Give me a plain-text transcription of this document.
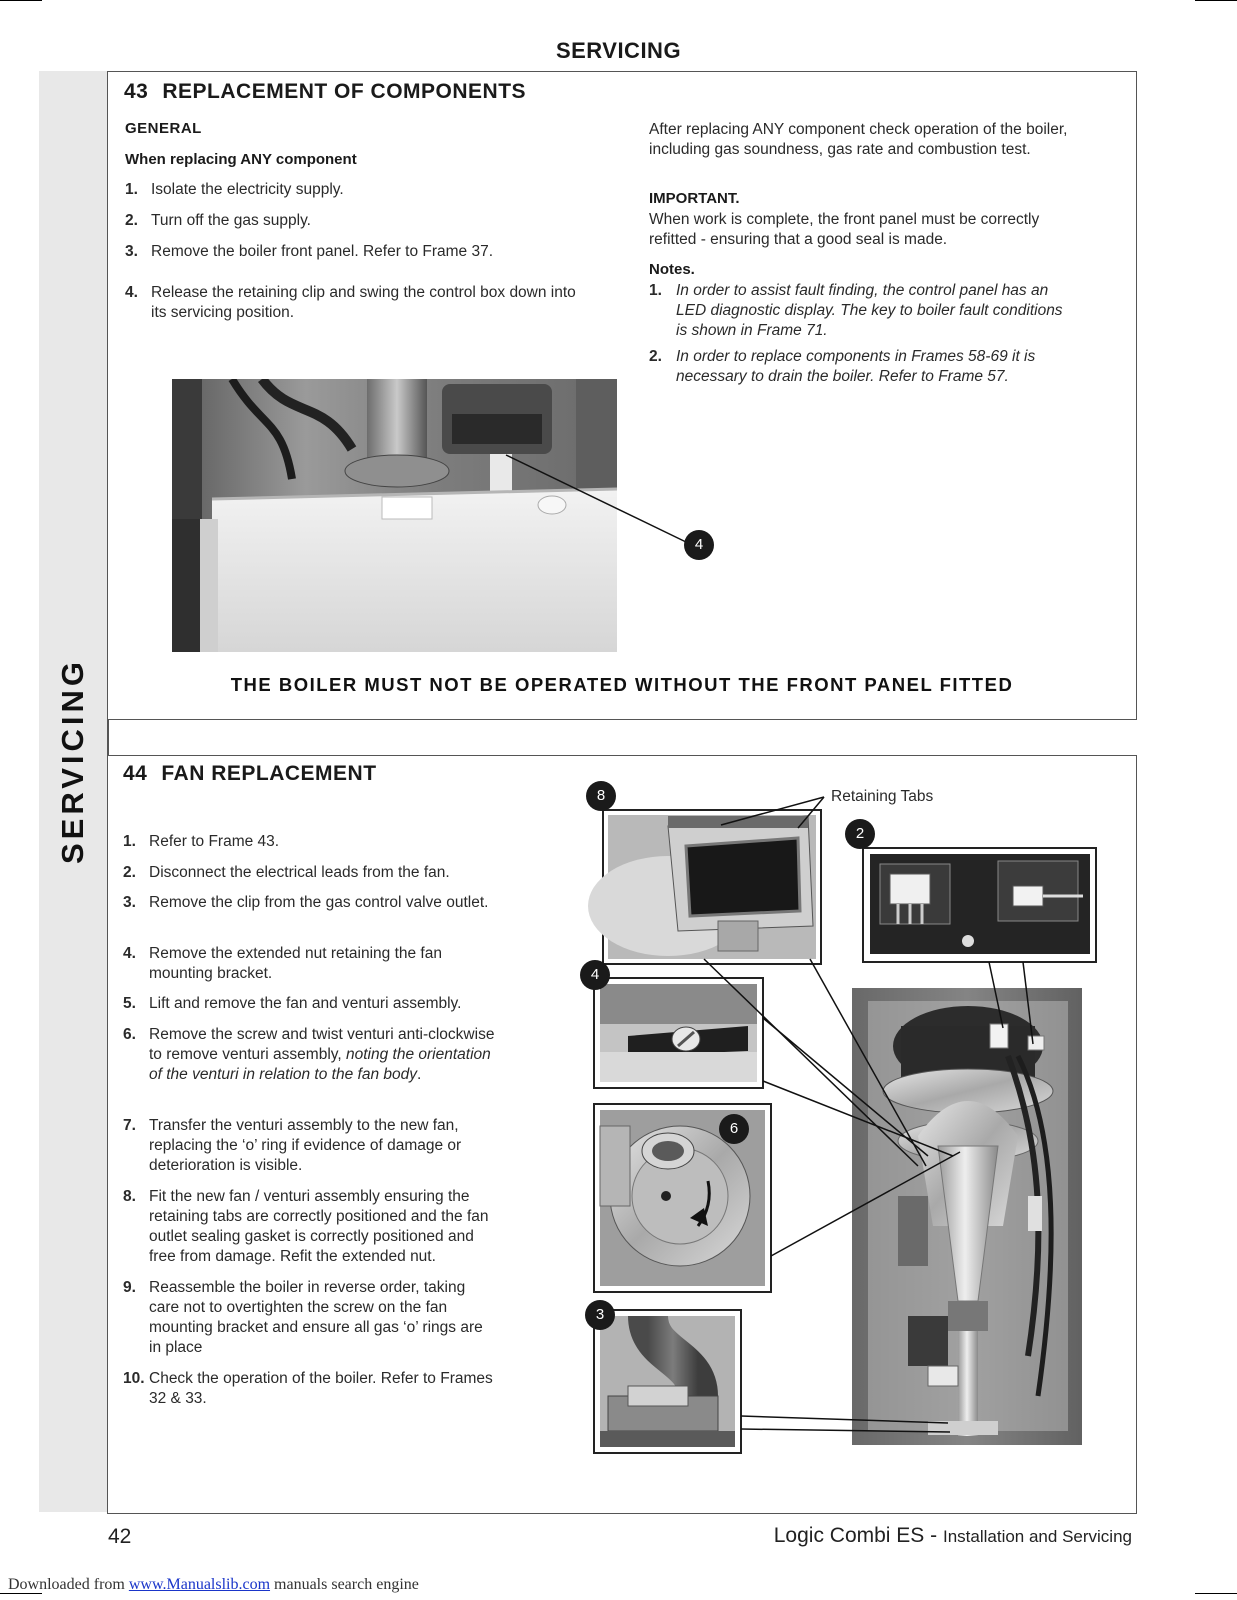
SERVICING
SERVICING
43 REPLACEMENT OF COMPONENTS
GENERAL
When replacing ANY component
1. Isolate the electricity supply.
2. Turn off the gas supply.
3. Remove the boiler front panel. Refer to Frame 37.
4. Release the retaining clip and swing the control box down into its servicing position.
After replacing ANY component check operation of the boiler, including gas soundness, gas rate and combustion test.
IMPORTANT.
When work is complete, the front panel must be correctly refitted - ensuring that a good seal is made.
Notes.
1. In order to assist fault finding, the control panel has an LED diagnostic display. The key to boiler fault conditions is shown in Frame 71.
2. In order to replace components in Frames 58-69 it is necessary to drain the boiler. Refer to Frame 57.
4
THE BOILER MUST NOT BE OPERATED WITHOUT THE FRONT PANEL FITTED
44 FAN REPLACEMENT
1. Refer to Frame 43.
2. Disconnect the electrical leads from the fan.
3. Remove the clip from the gas control valve outlet.
4. Remove the extended nut retaining the fan mounting bracket.
5. Lift and remove the fan and venturi assembly.
6. Remove the screw and twist venturi anti-clockwise to remove venturi assembly, noting the orientation of the venturi in relation to the fan body.
7. Transfer the venturi assembly to the new fan, replacing the ‘o’ ring if evidence of damage or deterioration is visible.
8. Fit the new fan / venturi assembly ensuring the retaining tabs are correctly positioned and the fan outlet sealing gasket is correctly positioned and free from damage. Refit the extended nut.
9. Reassemble the boiler in reverse order, taking care not to overtighten the screw on the fan mounting bracket and ensure all gas ‘o’ rings are in place
10. Check the operation of the boiler. Refer to Frames 32 & 33.
Retaining Tabs
8
2
4
6
3
42	Logic Combi ES - Installation and Servicing
Downloaded from www.Manualslib.com manuals search engine
